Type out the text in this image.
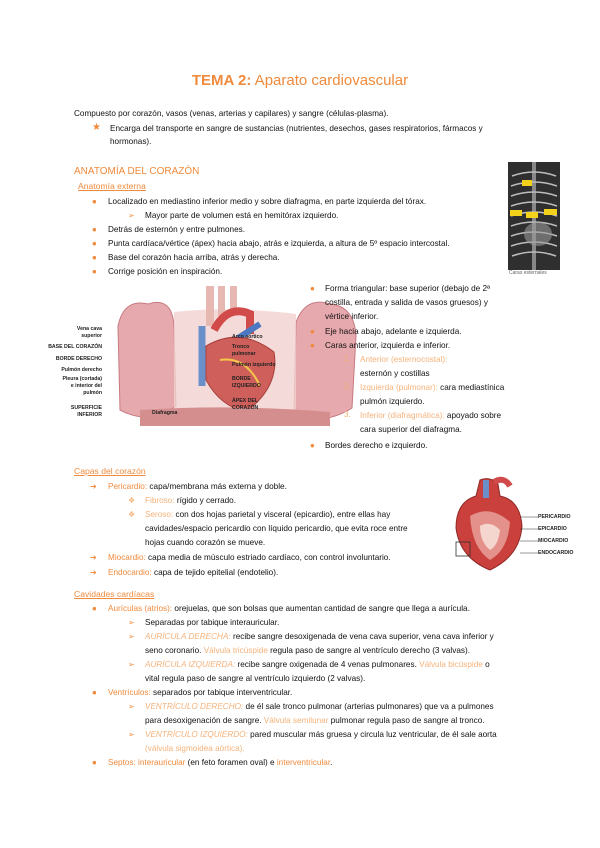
TEMA 2: Aparato cardiovascular
Compuesto por corazón, vasos (venas, arterias y capilares) y sangre (células-plasma).
★ Encarga del transporte en sangre de sustancias (nutrientes, desechos, gases respiratorios, fármacos y
hormonas).
ANATOMÍA DEL CORAZÓN
Anatomía externa
● Localizado en mediastino inferior medio y sobre diafragma, en parte izquierda del tórax.
➢ Mayor parte de volumen está en hemitórax izquierdo.
● Detrás de esternón y entre pulmones.
● Punta cardíaca/vértice (ápex) hacia abajo, atrás e izquierda, a altura de 5º espacio intercostal.
● Base del corazón hacia arriba, atrás y derecha.
● Corrige posición en inspiración.	Caras esternales
Vena cava
superior
BASE DEL CORAZÓN
BORDE DERECHO
Pulmón derecho
Pleura (cortada)
e interior del
pulmón
SUPERFICIE
INFERIOR	Diafragma
Arco aórtico
Tronco
pulmonar
Pulmón izquierdo
BORDE
IZQUIERDO
ÁPEX DEL
CORAZÓN
● Forma triangular: base superior (debajo de 2ª
costilla, entrada y salida de vasos gruesos) y
vértice inferior.
● Eje hacia abajo, adelante e izquierda.
● Caras anterior, izquierda e inferior.
1. Anterior (esternocostal):
esternón y costillas
2. Izquierda (pulmonar): cara mediastínica
pulmón izquierdo.
3. Inferior (diafragmática): apoyado sobre
cara superior del diafragma.
● Bordes derecho e izquierdo.
Capas del corazón
➔ Pericardio: capa/membrana más externa y doble.
❖ Fibroso: rígido y cerrado.
❖ Seroso: con dos hojas parietal y visceral (epicardio), entre ellas hay
cavidades/espacio pericardio con líquido pericardio, que evita roce entre
hojas cuando corazón se mueve.
➔ Miocardio: capa media de músculo estriado cardíaco, con control involuntario.
➔ Endocardio: capa de tejido epitelial (endotelio).
PERICARDIO
EPICARDIO
MIOCARDIO
ENDOCARDIO
Cavidades cardíacas
● Aurículas (atrios): orejuelas, que son bolsas que aumentan cantidad de sangre que llega a aurícula.
➢ Separadas por tabique interauricular.
➢ AURÍCULA DERECHA: recibe sangre desoxigenada de vena cava superior, vena cava inferior y
seno coronario. Válvula tricúspide regula paso de sangre al ventrículo derecho (3 valvas).
➢ AURÍCULA IZQUIERDA: recibe sangre oxigenada de 4 venas pulmonares. Válvula bicúspide o
vital regula paso de sangre al ventrículo izquierdo (2 valvas).
● Ventrículos: separados por tabique interventricular.
➢ VENTRÍCULO DERECHO: de él sale tronco pulmonar (arterias pulmonares) que va a pulmones
para desoxigenación de sangre. Válvula semilunar pulmonar regula paso de sangre al tronco.
➢ VENTRÍCULO IZQUIERDO: pared muscular más gruesa y circula luz ventricular, de él sale aorta
(válvula sigmoidea aórtica).
● Septos: interauricular (en feto foramen oval) e interventricular.
